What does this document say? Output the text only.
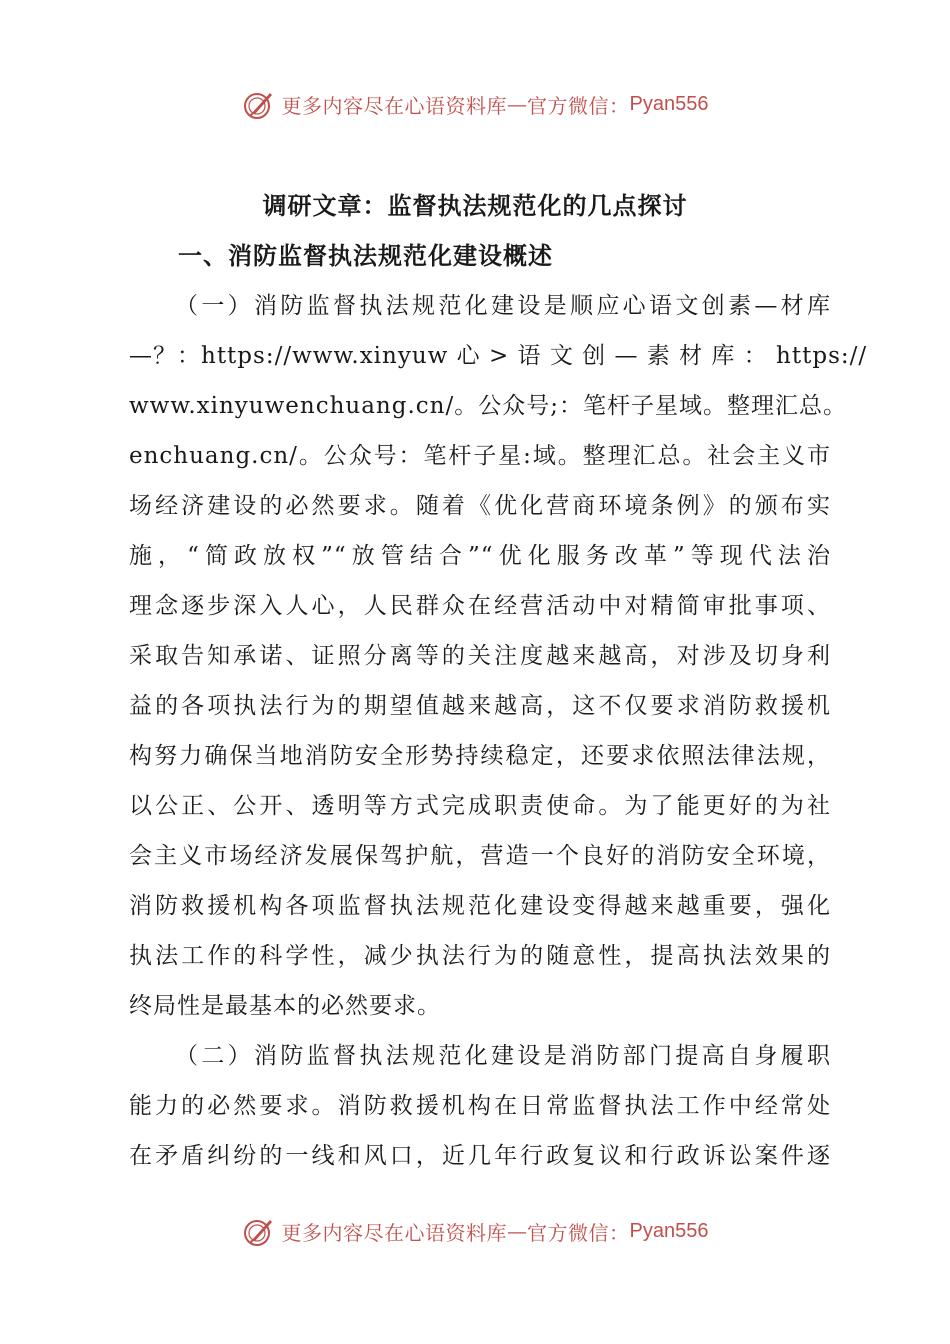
更多内容尽在心语资料库 — 官方微信： Pyan556
调研文章：监督执法规范化的几点探讨
一、消防监督执法规范化建设概述
（一）消防监督执法规范化建设是顺应心语文创素—材库
—？：https://www.xinyuw 心 > 语 文 创 — 素 材 库 ： https://
www.xinyuwenchuang.cn/。公众号;：笔杆子星域。整理汇总。
enchuang.cn/。公众号：笔杆子星:域。整理汇总。社会主义市
场经济建设的必然要求。随着《优化营商环境条例》的颁布实
施，“简政放权”“放管结合”“优化服务改革”等现代法治
理念逐步深入人心，人民群众在经营活动中对精简审批事项、
采取告知承诺、证照分离等的关注度越来越高，对涉及切身利
益的各项执法行为的期望值越来越高，这不仅要求消防救援机
构努力确保当地消防安全形势持续稳定，还要求依照法律法规，
以公正、公开、透明等方式完成职责使命。为了能更好的为社
会主义市场经济发展保驾护航，营造一个良好的消防安全环境，
消防救援机构各项监督执法规范化建设变得越来越重要，强化
执法工作的科学性，减少执法行为的随意性，提高执法效果的
终局性是最基本的必然要求。
（二）消防监督执法规范化建设是消防部门提高自身履职
能力的必然要求。消防救援机构在日常监督执法工作中经常处
在矛盾纠纷的一线和风口，近几年行政复议和行政诉讼案件逐
更多内容尽在心语资料库 — 官方微信： Pyan556
